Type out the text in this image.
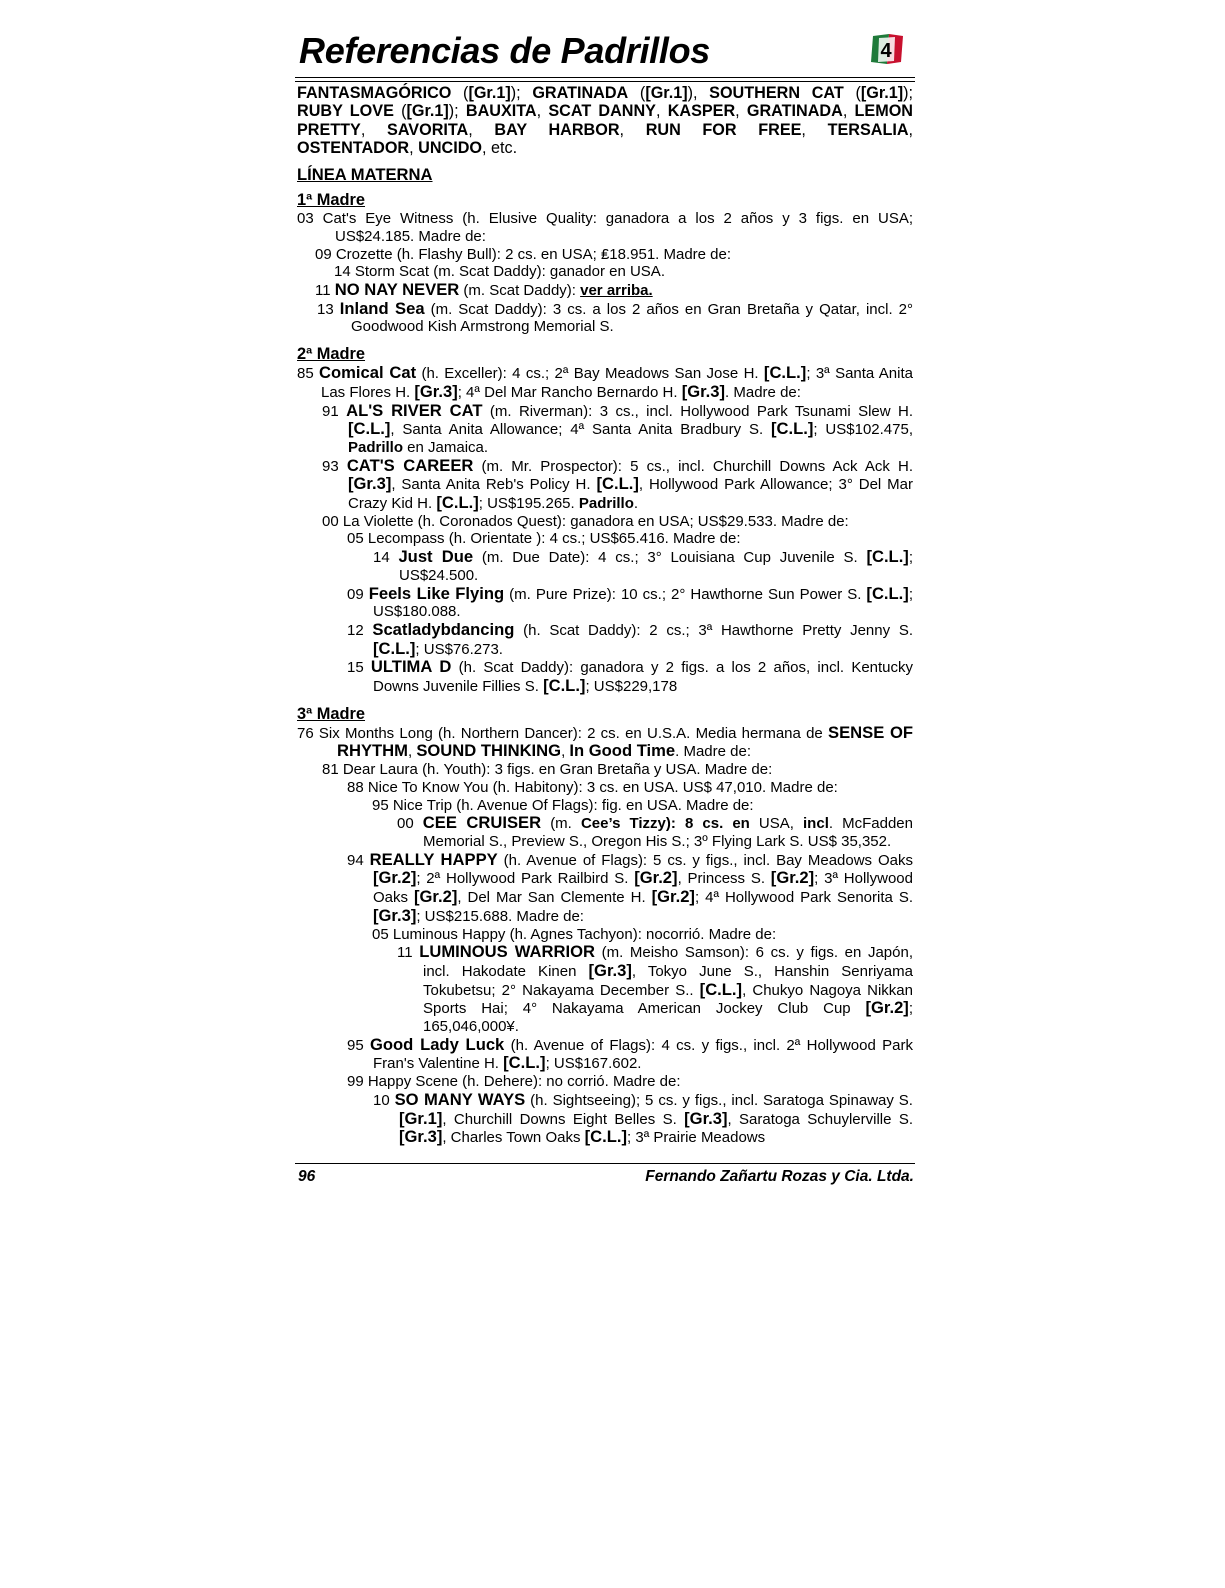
Referencias de Padrillos	4

FANTASMAGÓRICO ([Gr.1]); GRATINADA ([Gr.1]), SOUTHERN CAT ([Gr.1]); RUBY LOVE ([Gr.1]); BAUXITA, SCAT DANNY, KASPER, GRATINADA, LEMON PRETTY, SAVORITA, BAY HARBOR, RUN FOR FREE, TERSALIA, OSTENTADOR, UNCIDO, etc.

LÍNEA MATERNA
1ª Madre

03 Cat's Eye Witness (h. Elusive Quality: ganadora a los 2 años y 3 figs. en USA; US$24.185. Madre de:

09 Crozette (h. Flashy Bull): 2 cs. en USA; ₤18.951. Madre de:

14 Storm Scat (m. Scat Daddy): ganador en USA.

11 NO NAY NEVER (m. Scat Daddy): ver arriba.

13 Inland Sea (m. Scat Daddy): 3 cs. a los 2 años en Gran Bretaña y Qatar, incl. 2° Goodwood Kish Armstrong Memorial S.

2ª Madre

85 Comical Cat (h. Exceller): 4 cs.; 2ª Bay Meadows San Jose H. [C.L.]; 3ª Santa Anita Las Flores H. [Gr.3]; 4ª Del Mar Rancho Bernardo H. [Gr.3]. Madre de:

91 AL'S RIVER CAT (m. Riverman): 3 cs., incl. Hollywood Park Tsunami Slew H. [C.L.], Santa Anita Allowance; 4ª Santa Anita Bradbury S. [C.L.]; US$102.475, Padrillo en Jamaica.

93 CAT'S CAREER (m. Mr. Prospector): 5 cs., incl. Churchill Downs Ack Ack H. [Gr.3], Santa Anita Reb's Policy H. [C.L.], Hollywood Park Allowance; 3° Del Mar Crazy Kid H. [C.L.]; US$195.265. Padrillo.

00 La Violette (h. Coronados Quest): ganadora en USA; US$29.533. Madre de:

05 Lecompass (h. Orientate ): 4 cs.; US$65.416. Madre de:

14 Just Due (m. Due Date): 4 cs.; 3° Louisiana Cup Juvenile S. [C.L.]; US$24.500.

09 Feels Like Flying (m. Pure Prize): 10 cs.; 2° Hawthorne Sun Power S. [C.L.]; US$180.088.

12 Scatladybdancing (h. Scat Daddy): 2 cs.; 3ª Hawthorne Pretty Jenny S. [C.L.]; US$76.273.

15 ULTIMA D (h. Scat Daddy): ganadora y 2 figs. a los 2 años, incl. Kentucky Downs Juvenile Fillies S. [C.L.]; US$229,178

3ª Madre

76 Six Months Long (h. Northern Dancer): 2 cs. en U.S.A. Media hermana de SENSE OF RHYTHM, SOUND THINKING, In Good Time. Madre de:

81 Dear Laura (h. Youth): 3 figs. en Gran Bretaña y USA. Madre de:

88 Nice To Know You (h. Habitony): 3 cs. en USA. US$ 47,010. Madre de:

95 Nice Trip (h. Avenue Of Flags): fig. en USA. Madre de:

00 CEE CRUISER (m. Cee’s Tizzy): 8 cs. en USA, incl. McFadden Memorial S., Preview S., Oregon His S.; 3º Flying Lark S. US$ 35,352.

94 REALLY HAPPY (h. Avenue of Flags): 5 cs. y figs., incl. Bay Meadows Oaks [Gr.2]; 2ª Hollywood Park Railbird S. [Gr.2], Princess S. [Gr.2]; 3ª Hollywood Oaks [Gr.2], Del Mar San Clemente H. [Gr.2]; 4ª Hollywood Park Senorita S. [Gr.3]; US$215.688. Madre de:

05 Luminous Happy (h. Agnes Tachyon): nocorrió. Madre de:

11 LUMINOUS WARRIOR (m. Meisho Samson): 6 cs. y figs. en Japón, incl. Hakodate Kinen [Gr.3], Tokyo June S., Hanshin Senriyama Tokubetsu; 2° Nakayama December S.. [C.L.], Chukyo Nagoya Nikkan Sports Hai; 4° Nakayama American Jockey Club Cup [Gr.2]; 165,046,000¥.

95 Good Lady Luck (h. Avenue of Flags): 4 cs. y figs., incl. 2ª Hollywood Park Fran's Valentine H. [C.L.]; US$167.602.

99 Happy Scene (h. Dehere): no corrió. Madre de:

10 SO MANY WAYS (h. Sightseeing); 5 cs. y figs., incl. Saratoga Spinaway S. [Gr.1], Churchill Downs Eight Belles S. [Gr.3], Saratoga Schuylerville S. [Gr.3], Charles Town Oaks [C.L.]; 3ª Prairie Meadows

96	Fernando Zañartu Rozas y Cia. Ltda.
